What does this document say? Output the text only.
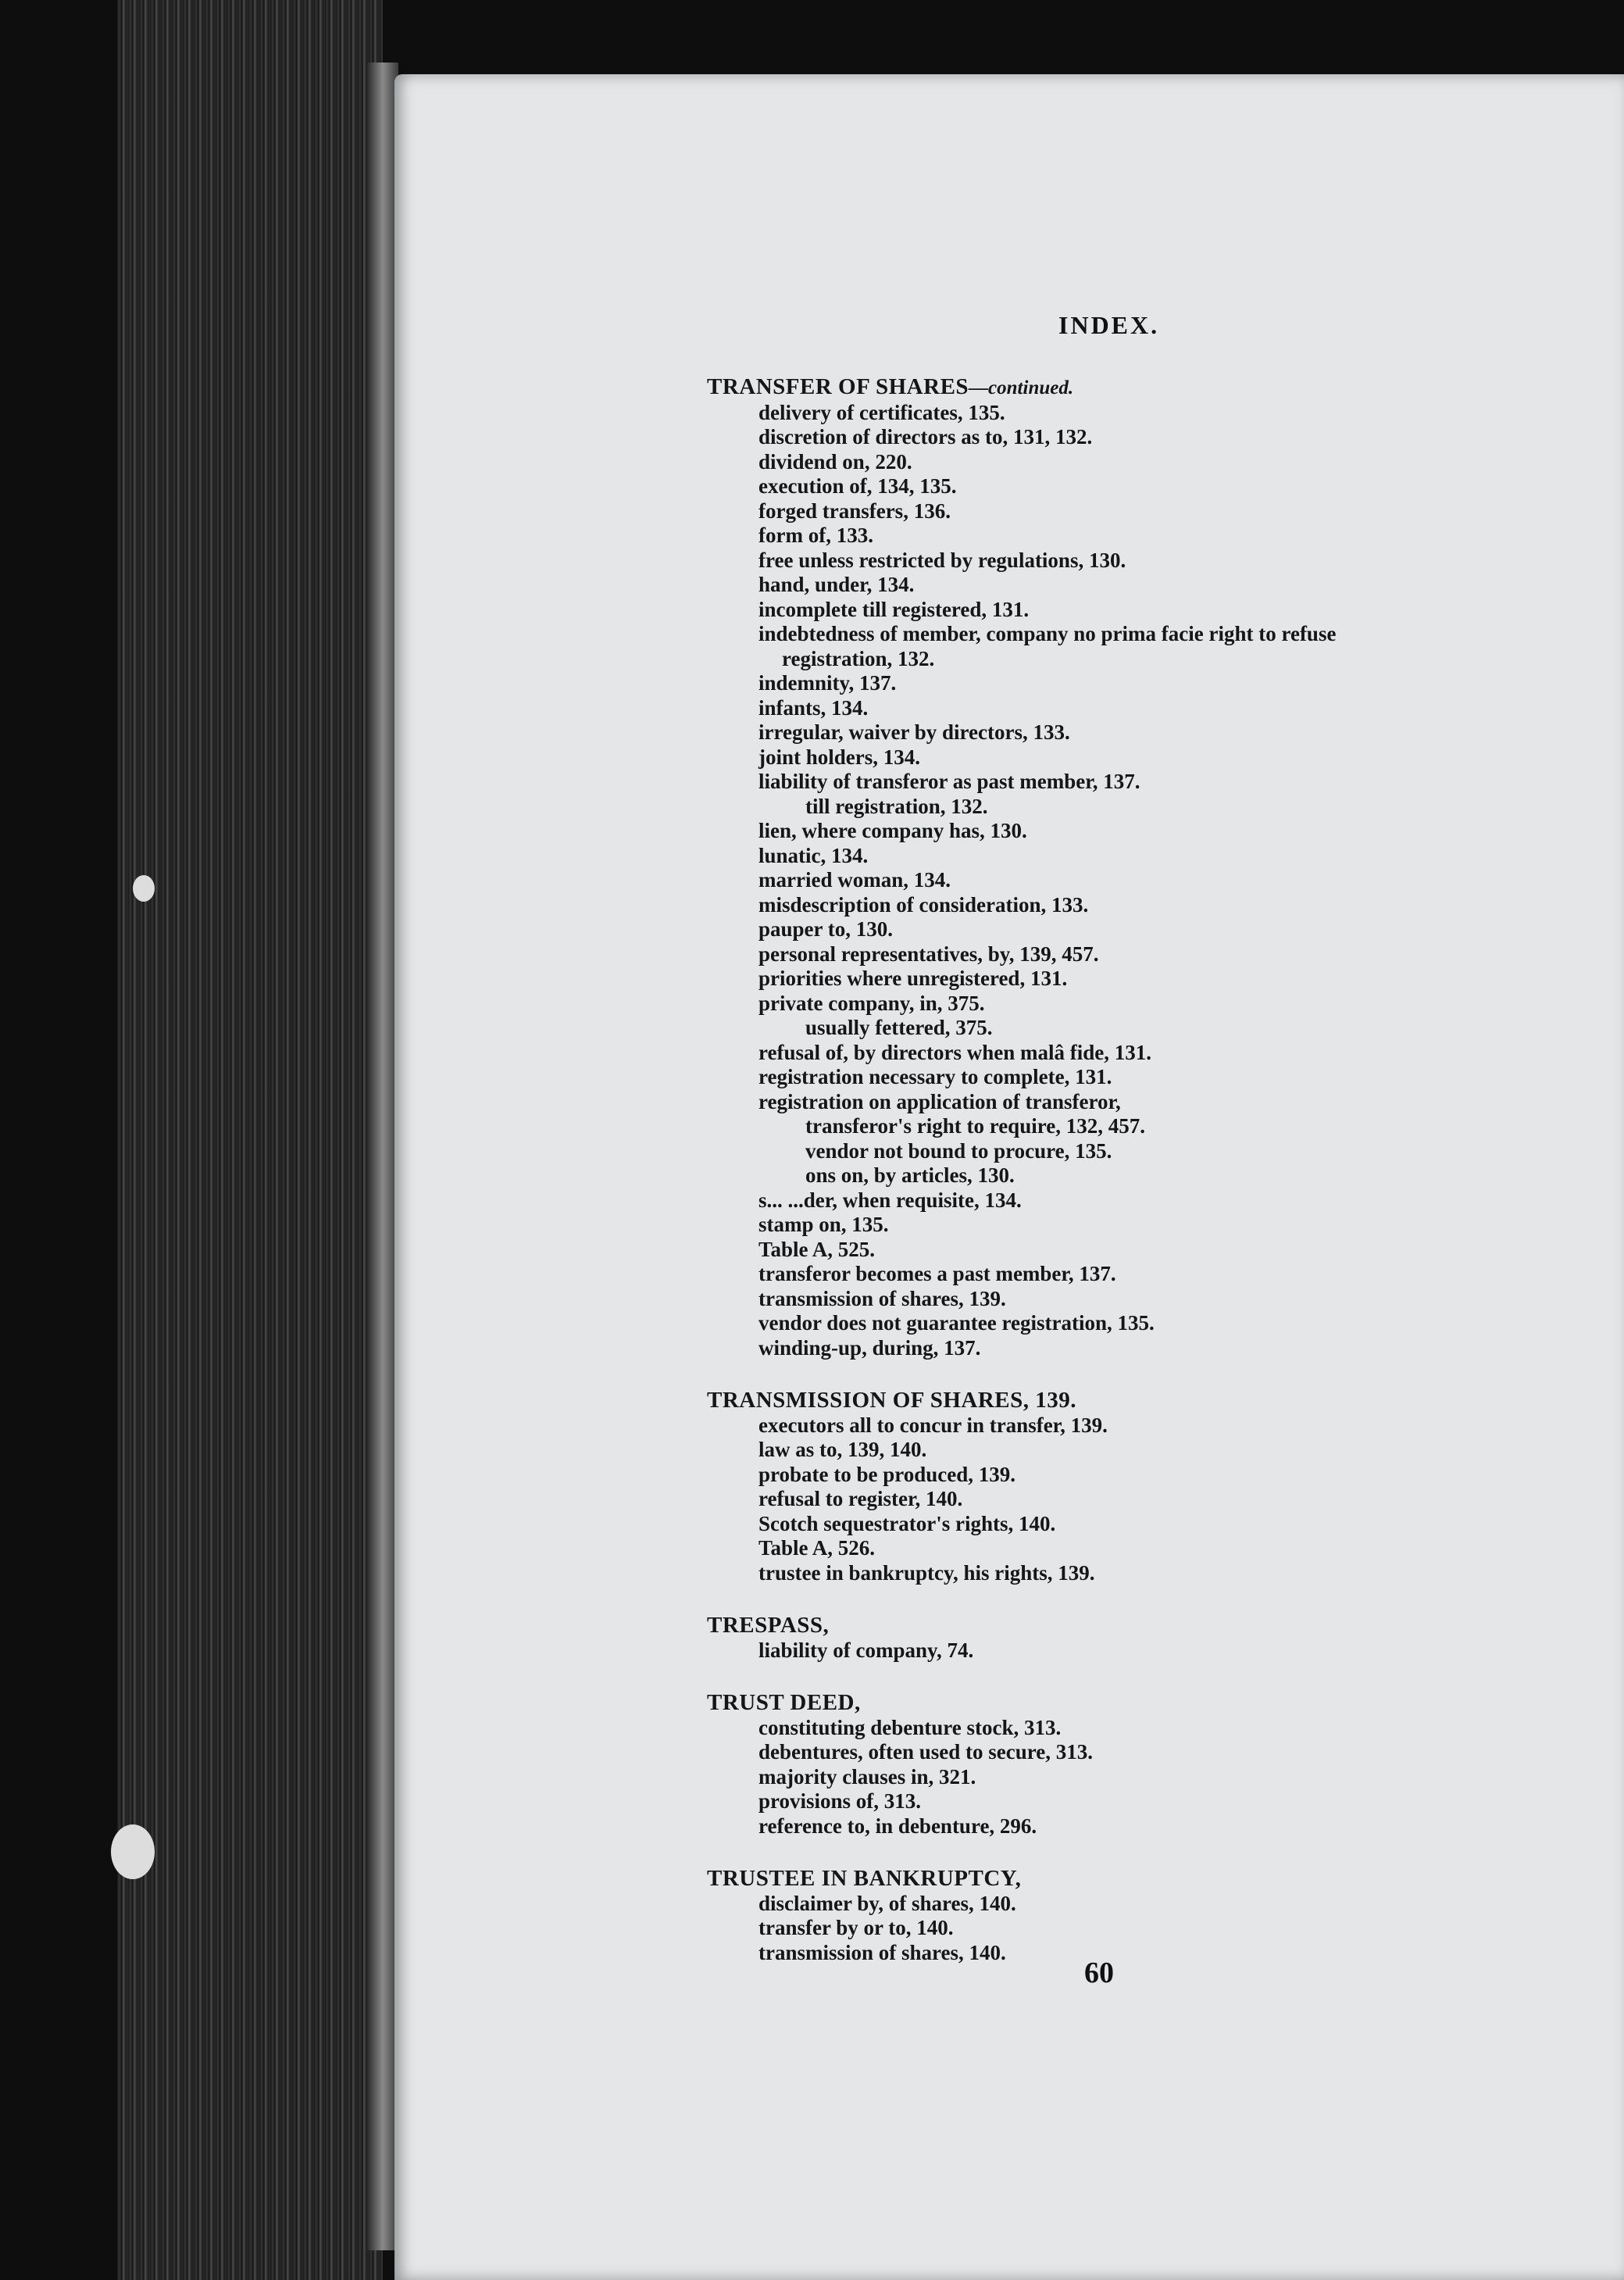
INDEX.
TRANSFER OF SHARES—continued.
delivery of certificates, 135.
discretion of directors as to, 131, 132.
dividend on, 220.
execution of, 134, 135.
forged transfers, 136.
form of, 133.
free unless restricted by regulations, 130.
hand, under, 134.
incomplete till registered, 131.
indebtedness of member, company no prima facie right to refuse
registration, 132.
indemnity, 137.
infants, 134.
irregular, waiver by directors, 133.
joint holders, 134.
liability of transferor as past member, 137.
till registration, 132.
lien, where company has, 130.
lunatic, 134.
married woman, 134.
misdescription of consideration, 133.
pauper to, 130.
personal representatives, by, 139, 457.
priorities where unregistered, 131.
private company, in, 375.
usually fettered, 375.
refusal of, by directors when malâ fide, 131.
registration necessary to complete, 131.
registration on application of transferor,
transferor's right to require, 132, 457.
vendor not bound to procure, 135.
ons on, by articles, 130.
s... ...der, when requisite, 134.
stamp on, 135.
Table A, 525.
transferor becomes a past member, 137.
transmission of shares, 139.
vendor does not guarantee registration, 135.
winding-up, during, 137.
TRANSMISSION OF SHARES, 139.
executors all to concur in transfer, 139.
law as to, 139, 140.
probate to be produced, 139.
refusal to register, 140.
Scotch sequestrator's rights, 140.
Table A, 526.
trustee in bankruptcy, his rights, 139.
TRESPASS,
liability of company, 74.
TRUST DEED,
constituting debenture stock, 313.
debentures, often used to secure, 313.
majority clauses in, 321.
provisions of, 313.
reference to, in debenture, 296.
TRUSTEE IN BANKRUPTCY,
disclaimer by, of shares, 140.
transfer by or to, 140.
transmission of shares, 140.
60
